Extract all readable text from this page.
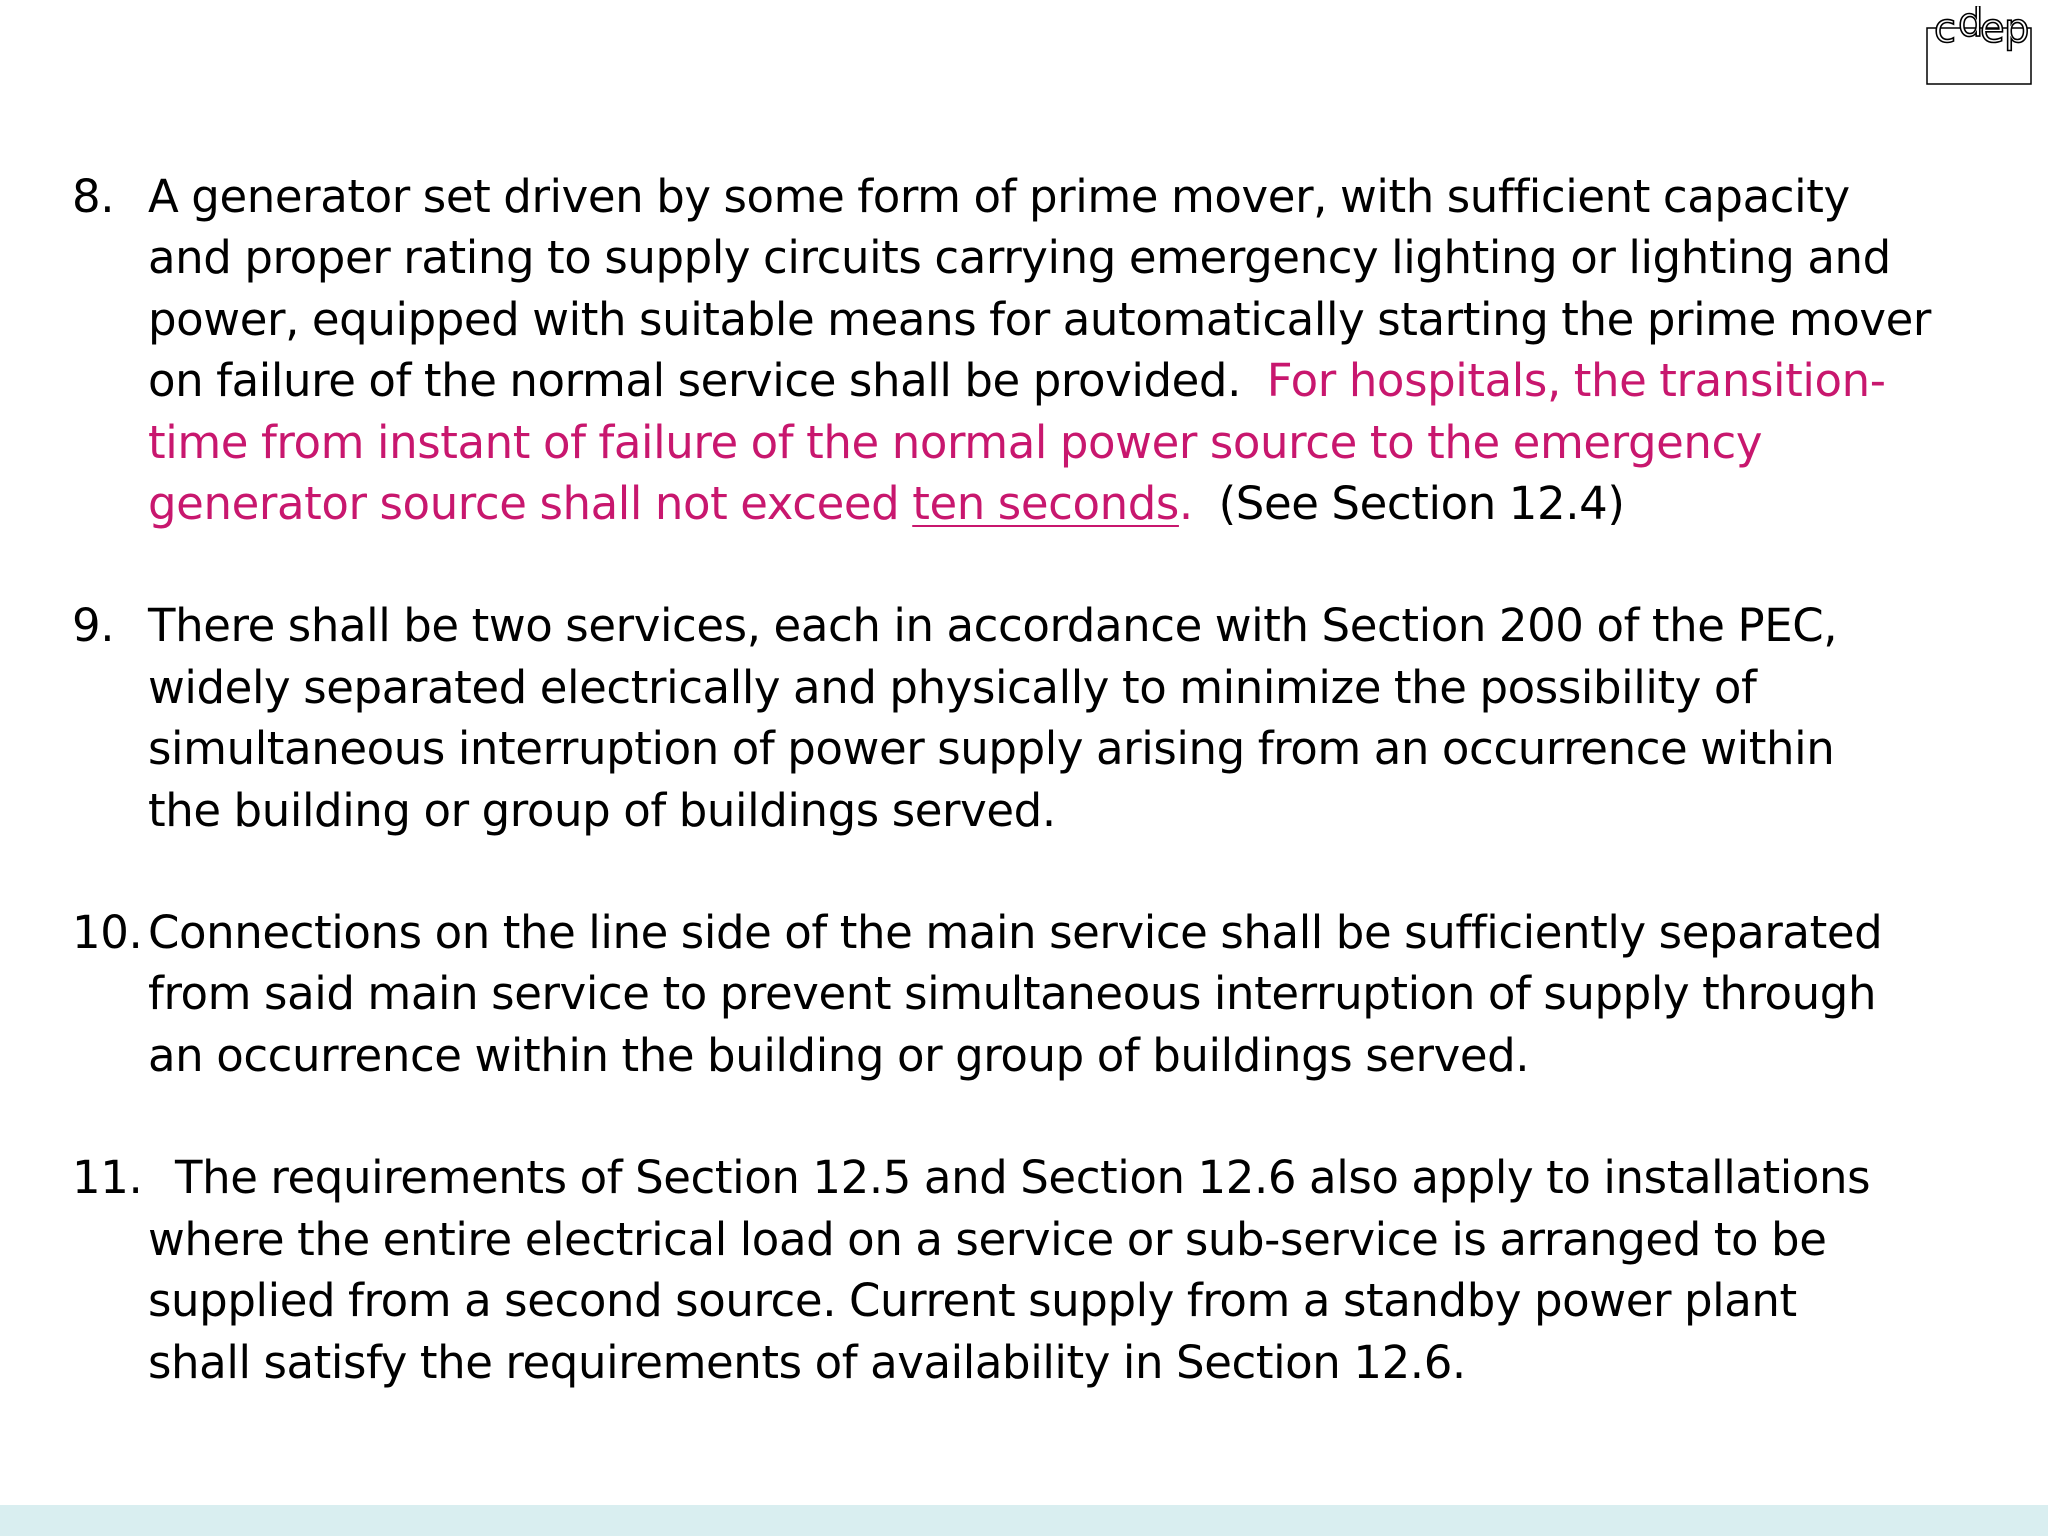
c d
e p
8. A generator set driven by some form of prime mover, with sufficient capacity
and proper rating to supply circuits carrying emergency lighting or lighting and
power, equipped with suitable means for automatically starting the prime mover
on failure of the normal service shall be provided. For hospitals, the transition-
time from instant of failure of the normal power source to the emergency
generator source shall not exceed ten seconds. (See Section 12.4)
9. There shall be two services, each in accordance with Section 200 of the PEC,
widely separated electrically and physically to minimize the possibility of
simultaneous interruption of power supply arising from an occurrence within
the building or group of buildings served.
10. Connections on the line side of the main service shall be sufficiently separated
from said main service to prevent simultaneous interruption of supply through
an occurrence within the building or group of buildings served.
11. The requirements of Section 12.5 and Section 12.6 also apply to installations
where the entire electrical load on a service or sub-service is arranged to be
supplied from a second source. Current supply from a standby power plant
shall satisfy the requirements of availability in Section 12.6.
